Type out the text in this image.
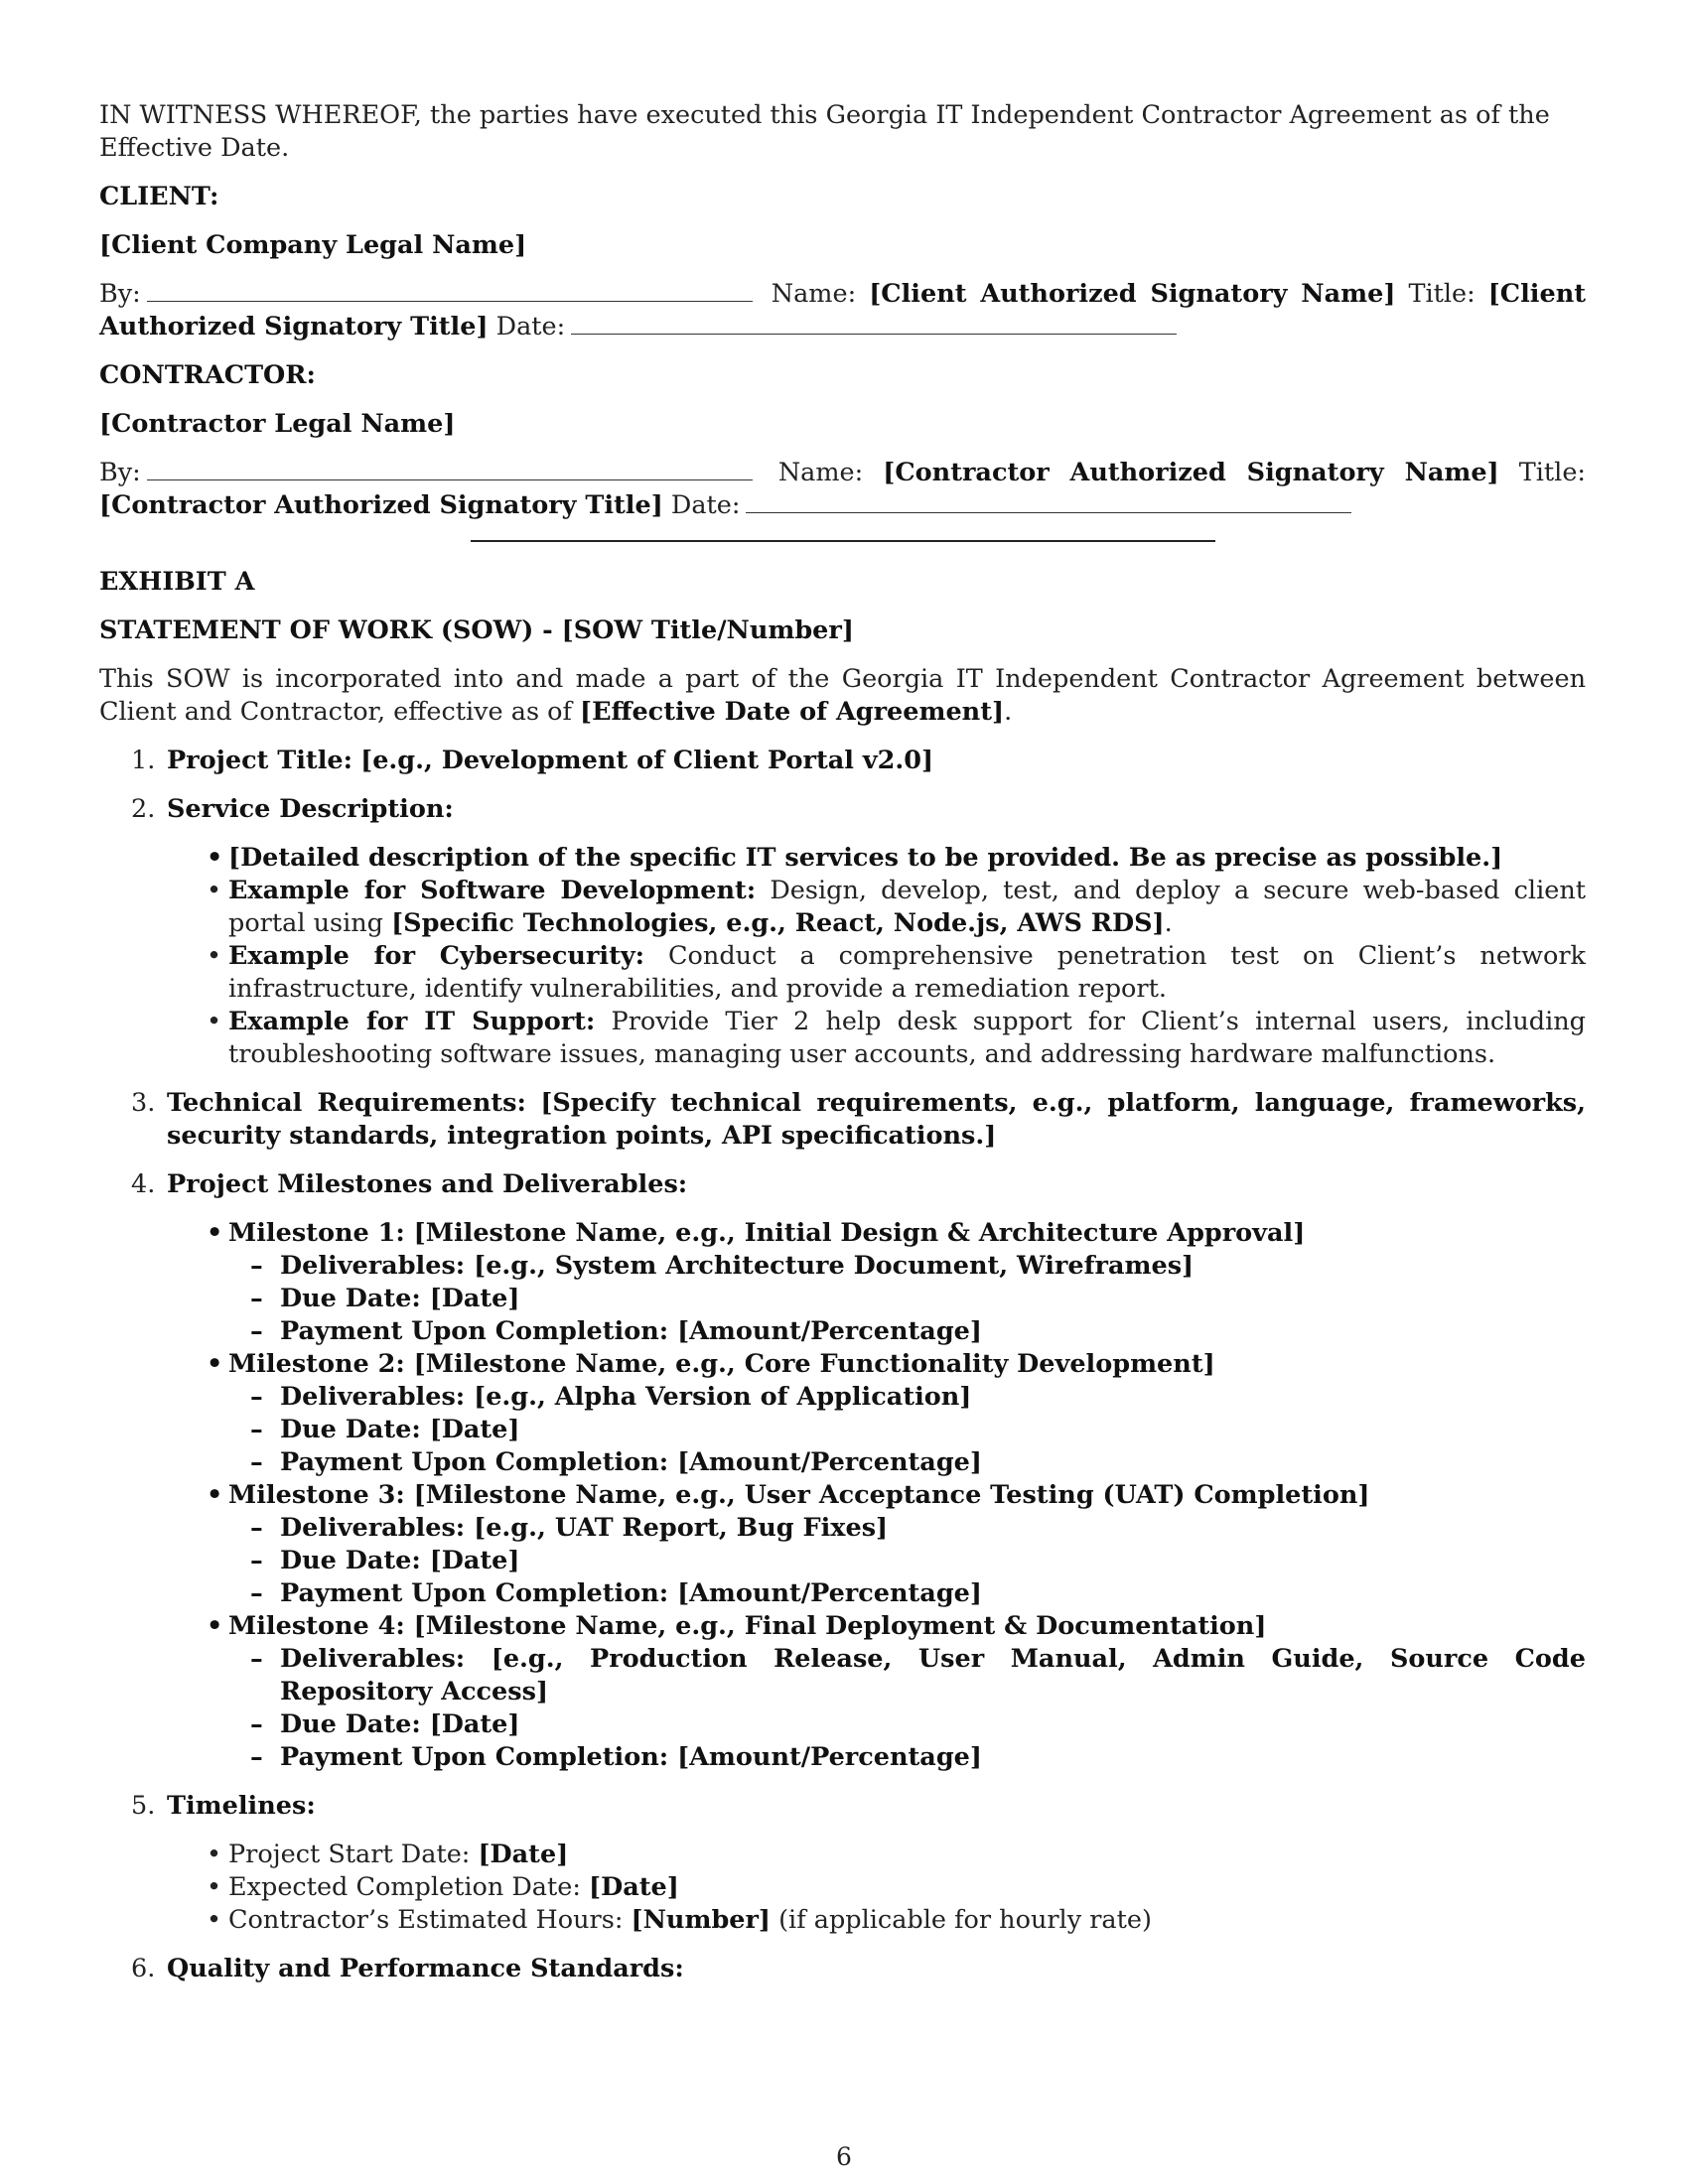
IN WITNESS WHEREOF, the parties have executed this Georgia IT Independent Contractor Agreement as of the Effective Date.

CLIENT:

[Client Company Legal Name]

By:	Name: [Client Authorized Signatory Name] Title: [Client Authorized Signatory Title] Date:

CONTRACTOR:

[Contractor Legal Name]

By:	Name: [Contractor Authorized Signatory Name] Title: [Contractor Authorized Signatory Title] Date:

EXHIBIT A

STATEMENT OF WORK (SOW) - [SOW Title/Number]

This SOW is incorporated into and made a part of the Georgia IT Independent Contractor Agreement between Client and Contractor, effective as of [Effective Date of Agreement].

1. Project Title: [e.g., Development of Client Portal v2.0]
2. Service Description:
• [Detailed description of the specific IT services to be provided. Be as precise as possible.]
• Example for Software Development: Design, develop, test, and deploy a secure web-based client portal using [Specific Technologies, e.g., React, Node.js, AWS RDS].
• Example for Cybersecurity: Conduct a comprehensive penetration test on Client’s network infrastructure, identify vulnerabilities, and provide a remediation report.
• Example for IT Support: Provide Tier 2 help desk support for Client’s internal users, including troubleshooting software issues, managing user accounts, and addressing hardware malfunctions.
3. Technical Requirements: [Specify technical requirements, e.g., platform, language, frameworks, security standards, integration points, API specifications.]
4. Project Milestones and Deliverables:
• Milestone 1: [Milestone Name, e.g., Initial Design & Architecture Approval]
– Deliverables: [e.g., System Architecture Document, Wireframes]
– Due Date: [Date]
– Payment Upon Completion: [Amount/Percentage]
• Milestone 2: [Milestone Name, e.g., Core Functionality Development]
– Deliverables: [e.g., Alpha Version of Application]
– Due Date: [Date]
– Payment Upon Completion: [Amount/Percentage]
• Milestone 3: [Milestone Name, e.g., User Acceptance Testing (UAT) Completion]
– Deliverables: [e.g., UAT Report, Bug Fixes]
– Due Date: [Date]
– Payment Upon Completion: [Amount/Percentage]
• Milestone 4: [Milestone Name, e.g., Final Deployment & Documentation]
– Deliverables: [e.g., Production Release, User Manual, Admin Guide, Source Code Repository Access]
– Due Date: [Date]
– Payment Upon Completion: [Amount/Percentage]
5. Timelines:
• Project Start Date: [Date]
• Expected Completion Date: [Date]
• Contractor’s Estimated Hours: [Number] (if applicable for hourly rate)
6. Quality and Performance Standards:
6
